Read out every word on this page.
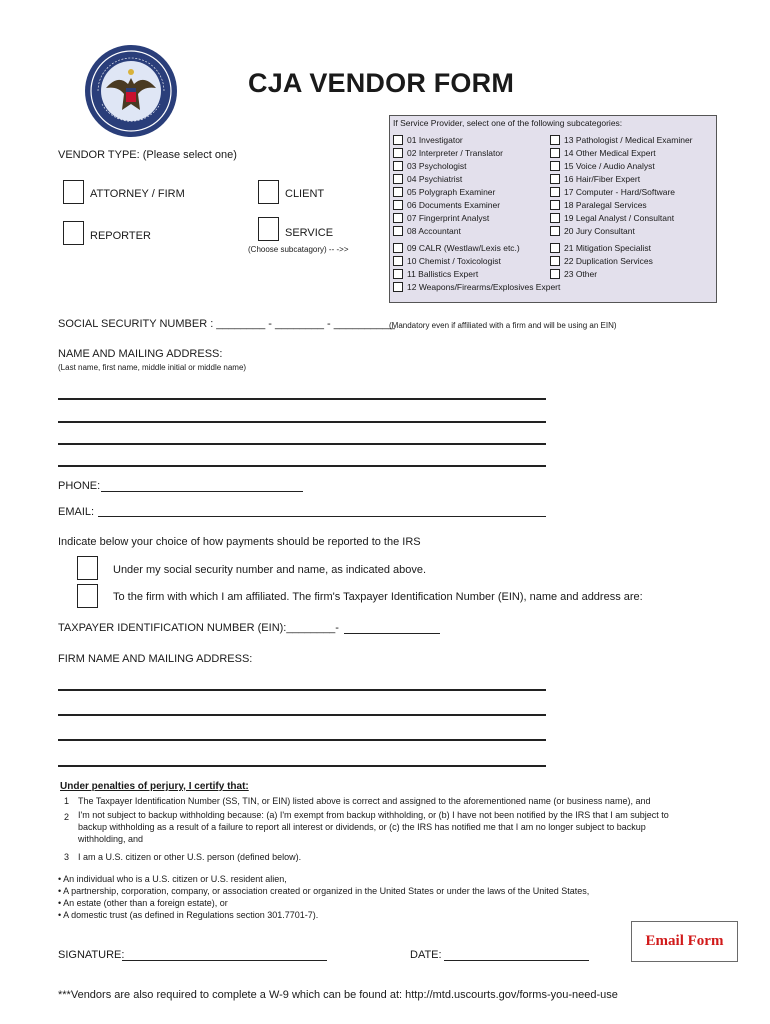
CJA VENDOR FORM
If Service Provider, select one of the following subcategories:
01 Investigator
02 Interpreter / Translator
03 Psychologist
04 Psychiatrist
05 Polygraph Examiner
06 Documents Examiner
07 Fingerprint Analyst
08 Accountant
09 CALR (Westlaw/Lexis etc.)
10 Chemist / Toxicologist
11 Ballistics Expert
12 Weapons/Firearms/Explosives Expert
13 Pathologist / Medical Examiner
14 Other Medical Expert
15 Voice / Audio Analyst
16 Hair/Fiber Expert
17 Computer - Hard/Software
18 Paralegal Services
19 Legal Analyst / Consultant
20 Jury Consultant
21 Mitigation Specialist
22 Duplication Services
23 Other
VENDOR TYPE: (Please select one)
ATTORNEY / FIRM	CLIENT
REPORTER	SERVICE
(Choose subcatagory) -- ->>
SOCIAL SECURITY NUMBER : ________ - ________ - __________
(Mandatory even if affiliated with a firm and will be using an EIN)
NAME AND MAILING ADDRESS:
(Last name, first name, middle initial or middle name)
PHONE:
EMAIL:
Indicate below your choice of how payments should be reported to the IRS
Under my social security number and name, as indicated above.
To the firm with which I am affiliated. The firm's Taxpayer Identification Number (EIN), name and address are:
TAXPAYER IDENTIFICATION NUMBER (EIN):________-
FIRM NAME AND MAILING ADDRESS:
Under penalties of perjury, I certify that:
1 The Taxpayer Identification Number (SS, TIN, or EIN) listed above is correct and assigned to the aforementioned name (or business name), and
2 I'm not subject to backup withholding because: (a) I'm exempt from backup withholding, or (b) I have not been notified by the IRS that I am subject to backup withholding as a result of a failure to report all interest or dividends, or (c) the IRS has notified me that I am no longer subject to backup withholding, and
3 I am a U.S. citizen or other U.S. person (defined below).
• An individual who is a U.S. citizen or U.S. resident alien,
• A partnership, corporation, company, or association created or organized in the United States or under the laws of the United States,
• An estate (other than a foreign estate), or
• A domestic trust (as defined in Regulations section 301.7701-7).
Email Form
SIGNATURE:	DATE:
***Vendors are also required to complete a W-9 which can be found at: http://mtd.uscourts.gov/forms-you-need-use
